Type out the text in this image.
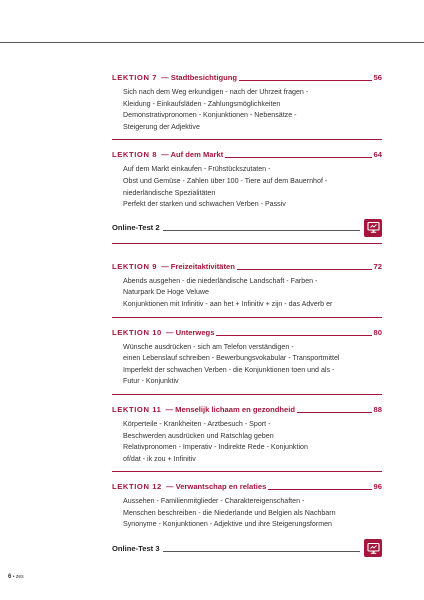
LEKTION 7 — Stadtbesichtigung	56
Sich nach dem Weg erkundigen - nach der Uhrzeit fragen -
Kleidung - Einkaufsläden - Zahlungsmöglichkeiten
Demonstrativpronomen - Konjunktionen - Nebensätze -
Steigerung der Adjektive
LEKTION 8 — Auf dem Markt	64
Auf dem Markt einkaufen - Frühstückszutaten -
Obst und Gemüse - Zahlen über 100 - Tiere auf dem Bauernhof -
niederländische Spezialitäten
Perfekt der starken und schwachen Verben - Passiv
Online-Test 2
LEKTION 9 — Freizeitaktivitäten	72
Abends ausgehen - die niederländische Landschaft - Farben -
Naturpark De Hoge Veluwe
Konjunktionen mit Infinitiv - aan het + Infinitiv + zijn - das Adverb er
LEKTION 10 — Unterwegs	80
Wünsche ausdrücken - sich am Telefon verständigen -
einen Lebenslauf schreiben - Bewerbungsvokabular - Transportmittel
Imperfekt der schwachen Verben - die Konjunktionen toen und als -
Futur - Konjunktiv
LEKTION 11 — Menselijk lichaam en gezondheid	88
Körperteile - Krankheiten - Arztbesuch - Sport -
Beschwerden ausdrücken und Ratschlag geben
Relativpronomen - Imperativ - Indirekte Rede - Konjunktion
of/dat - ik zou + Infinitiv
LEKTION 12 — Verwantschap en relaties	96
Aussehen - Familienmitglieder - Charaktereigenschaften -
Menschen beschreiben - die Niederlande und Belgien als Nachbarn
Synonyme - Konjunktionen - Adjektive und ihre Steigerungsformen
Online-Test 3
6 • zes
